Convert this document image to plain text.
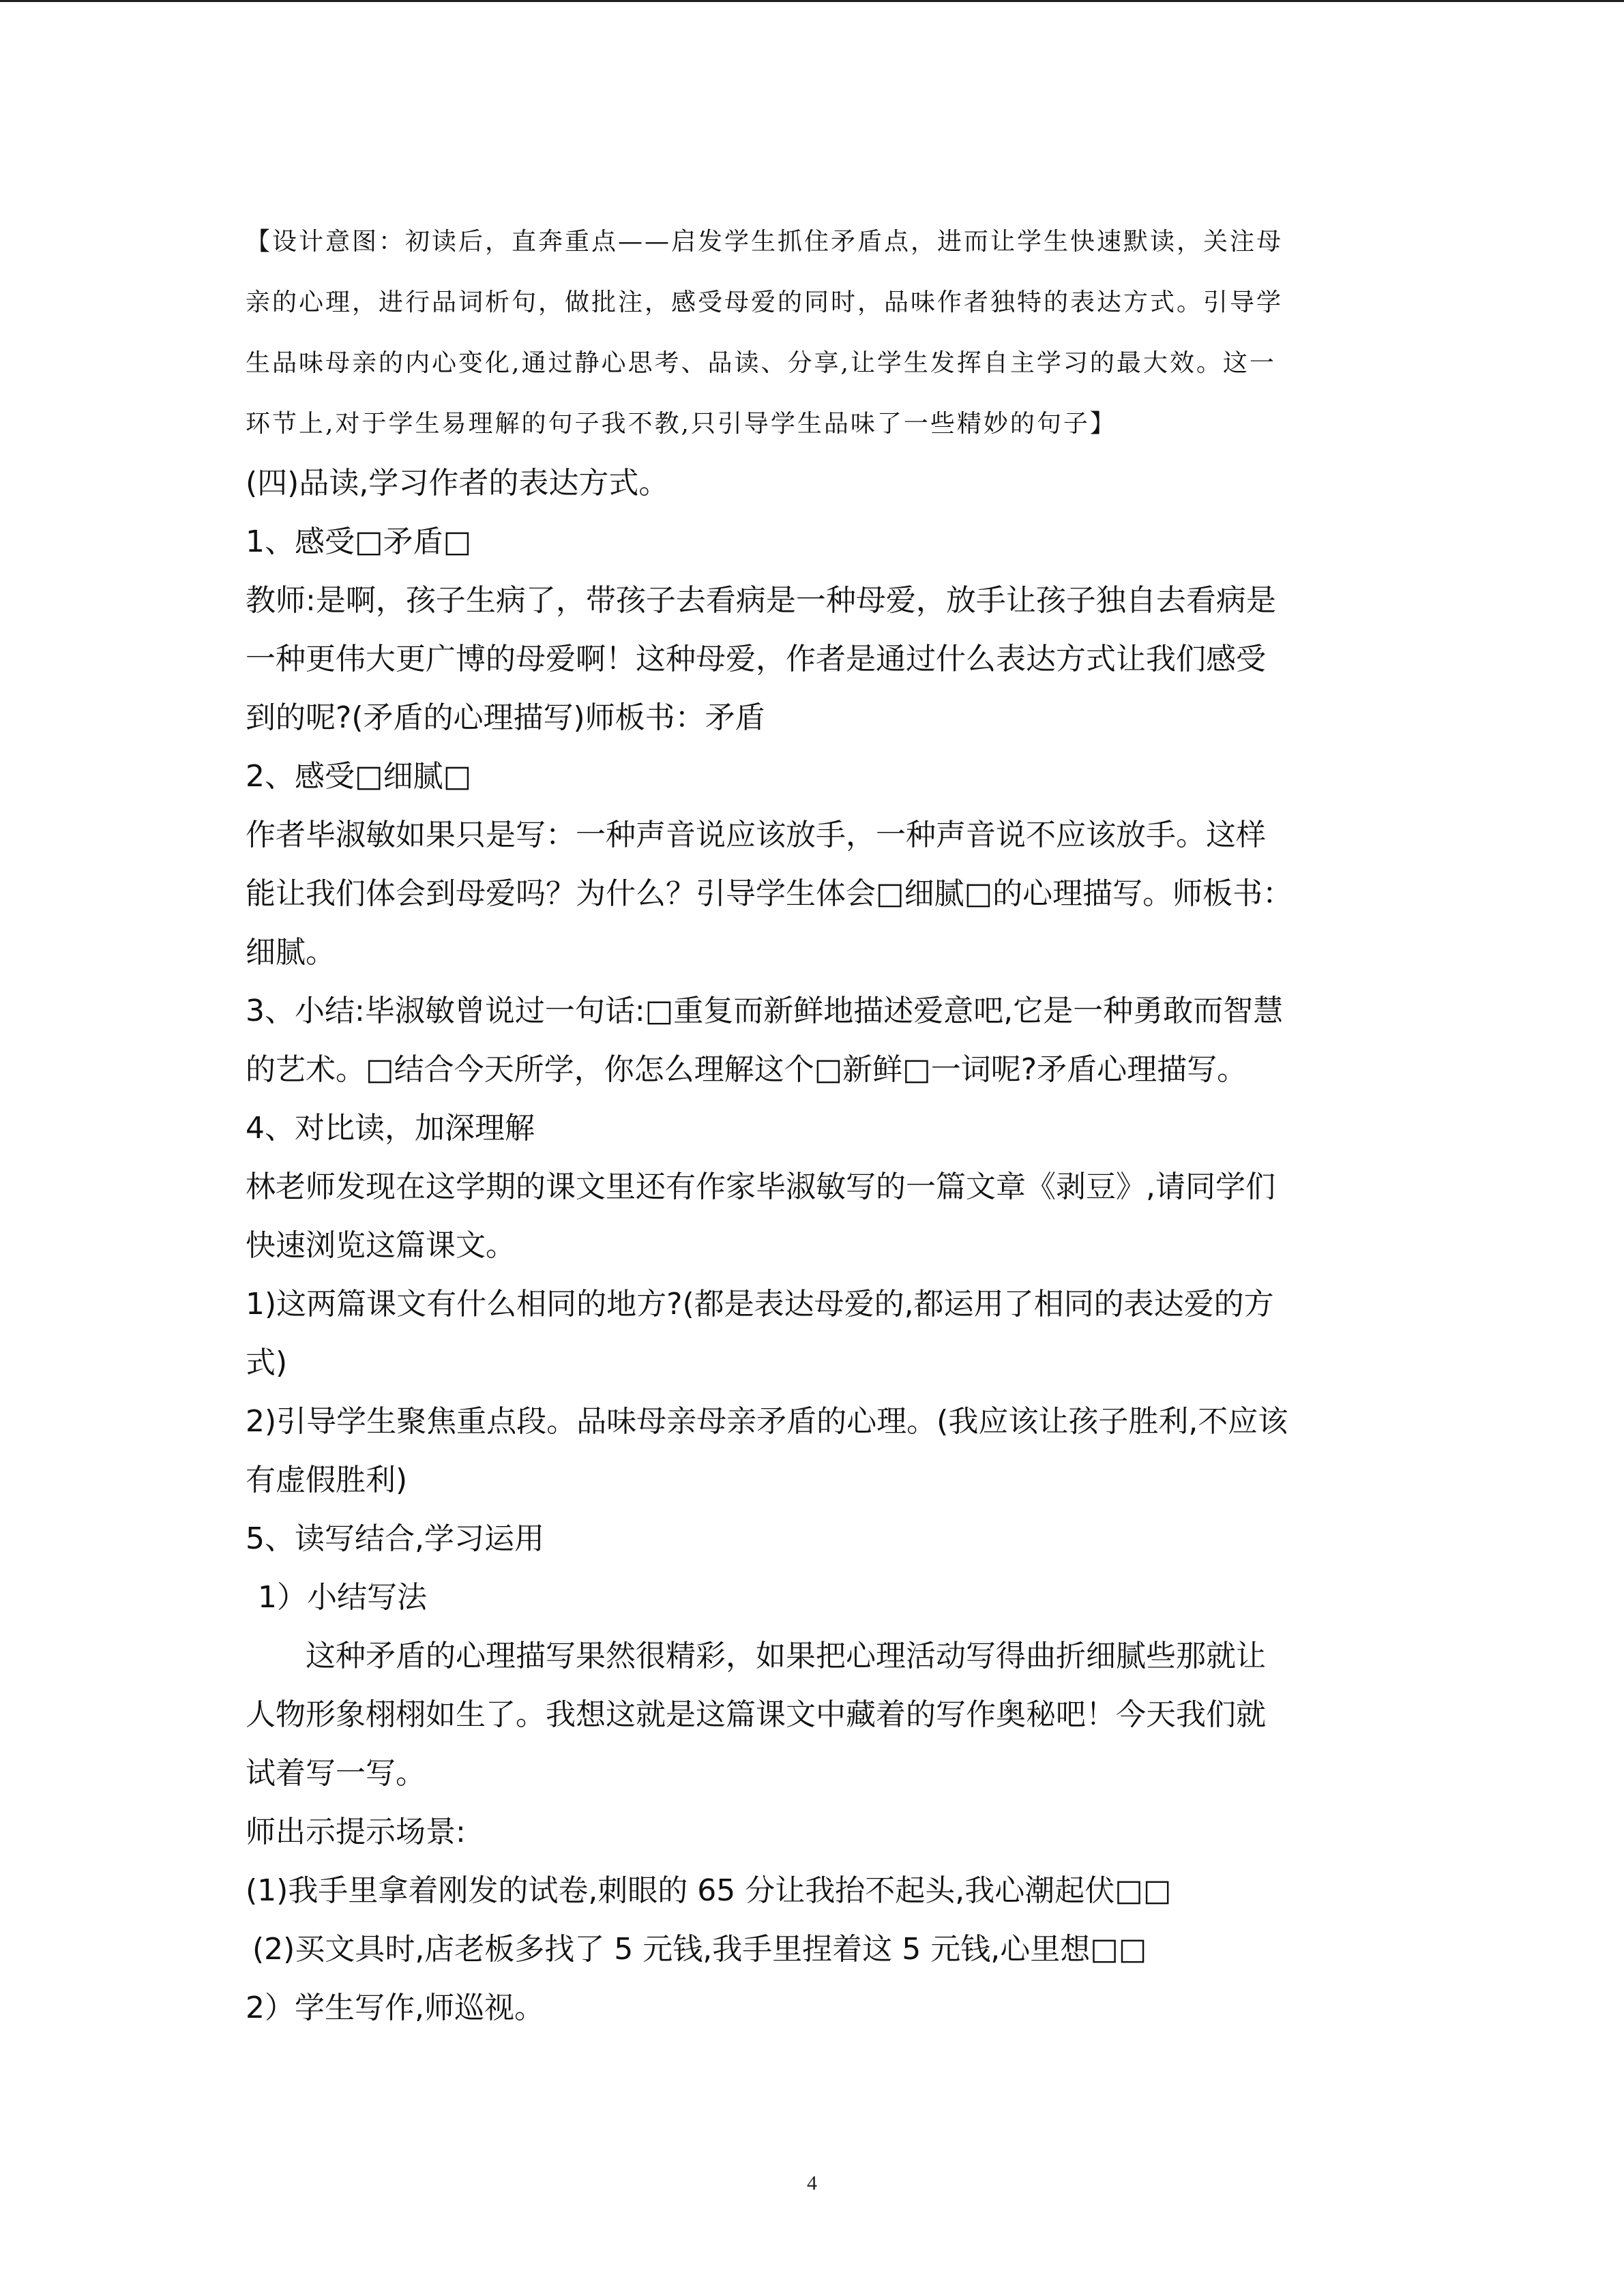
【设计意图：初读后，直奔重点——启发学生抓住矛盾点，进而让学生快速默读，关注母

亲的心理，进行品词析句，做批注，感受母爱的同时，品味作者独特的表达方式。引导学

生品味母亲的内心变化,通过静心思考、品读、分享,让学生发挥自主学习的最大效。这一

环节上,对于学生易理解的句子我不教,只引导学生品味了一些精妙的句子】

(四)品读,学习作者的表达方式。

1、感受□矛盾□

教师:是啊，孩子生病了，带孩子去看病是一种母爱，放手让孩子独自去看病是

一种更伟大更广博的母爱啊！这种母爱，作者是通过什么表达方式让我们感受

到的呢?(矛盾的心理描写)师板书：矛盾

2、感受□细腻□

作者毕淑敏如果只是写：一种声音说应该放手，一种声音说不应该放手。这样

能让我们体会到母爱吗？为什么？引导学生体会□细腻□的心理描写。师板书：

细腻。

3、小结:毕淑敏曾说过一句话:□重复而新鲜地描述爱意吧,它是一种勇敢而智慧

的艺术。□结合今天所学，你怎么理解这个□新鲜□一词呢?矛盾心理描写。

4、对比读，加深理解

林老师发现在这学期的课文里还有作家毕淑敏写的一篇文章《剥豆》,请同学们

快速浏览这篇课文。

1)这两篇课文有什么相同的地方?(都是表达母爱的,都运用了相同的表达爱的方

式)

2)引导学生聚焦重点段。品味母亲母亲矛盾的心理。(我应该让孩子胜利,不应该

有虚假胜利)

5、读写结合,学习运用

1）小结写法

这种矛盾的心理描写果然很精彩，如果把心理活动写得曲折细腻些那就让

人物形象栩栩如生了。我想这就是这篇课文中藏着的写作奥秘吧！今天我们就

试着写一写。

师出示提示场景:

(1)我手里拿着刚发的试卷,刺眼的 65 分让我抬不起头,我心潮起伏□□

(2)买文具时,店老板多找了 5 元钱,我手里捏着这 5 元钱,心里想□□

2）学生写作,师巡视。

4
